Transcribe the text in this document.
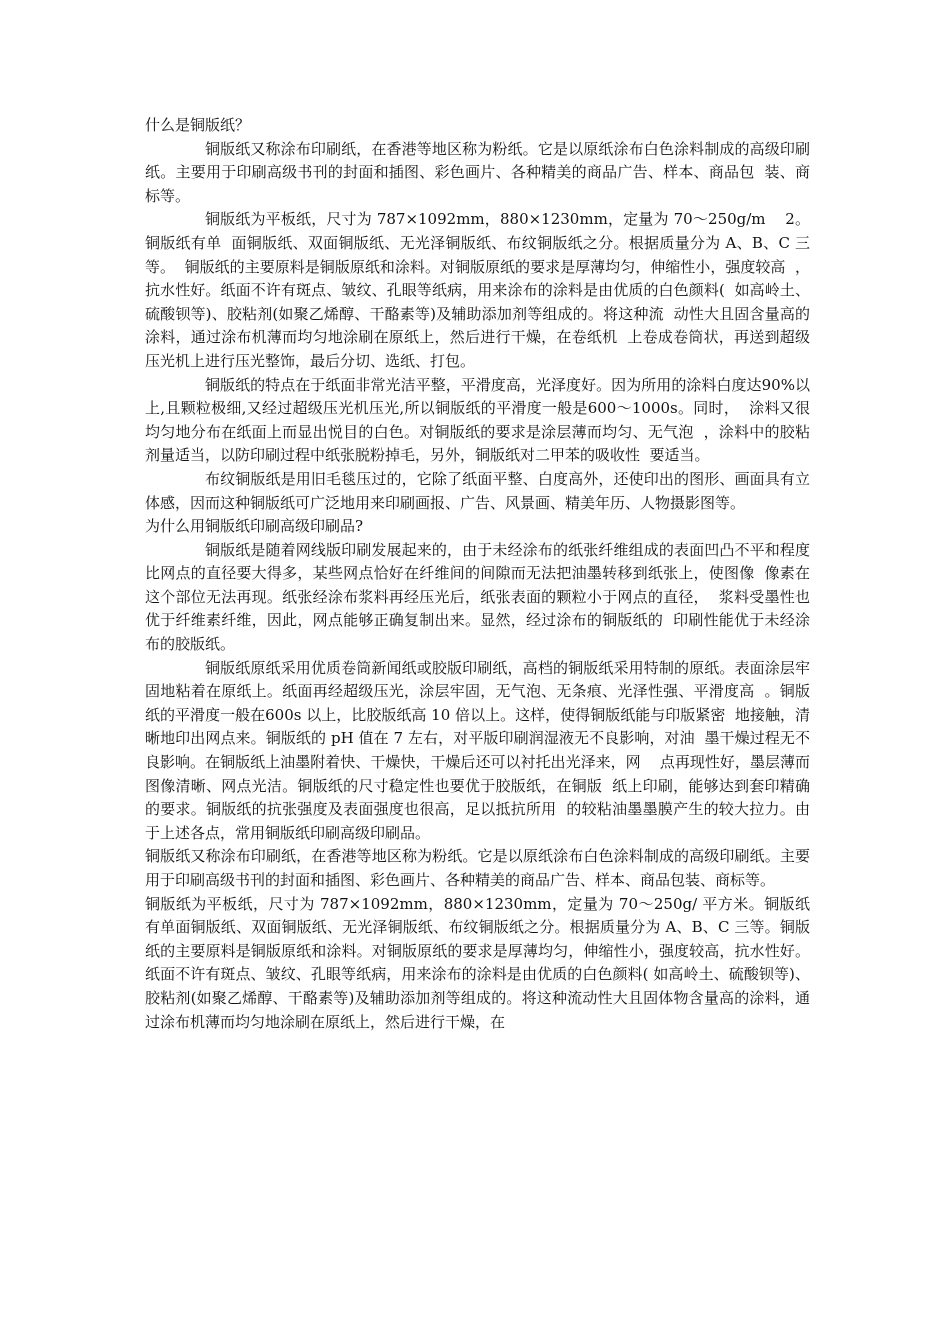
什么是铜版纸？

铜版纸又称涂布印刷纸，在香港等地区称为粉纸。它是以原纸涂布白色涂料制成的高级印刷  纸。主要用于印刷高级书刊的封面和插图、彩色画片、各种精美的商品广告、样本、商品包  装、商标等。

铜版纸为平板纸，尺寸为 787×1092mm，880×1230mm，定量为 70～250g/m    2。铜版纸有单  面铜版纸、双面铜版纸、无光泽铜版纸、布纹铜版纸之分。根据质量分为 A、B、C 三等。  铜版纸的主要原料是铜版原纸和涂料。对铜版原纸的要求是厚薄均匀，伸缩性小，强度较高  ，抗水性好。纸面不许有斑点、皱纹、孔眼等纸病，用来涂布的涂料是由优质的白色颜料(  如高岭土、硫酸钡等)、胶粘剂(如聚乙烯醇、干酪素等)及辅助添加剂等组成的。将这种流  动性大且固含量高的涂料，通过涂布机薄而均匀地涂刷在原纸上，然后进行干燥，在卷纸机  上卷成卷筒状，再送到超级压光机上进行压光整饰，最后分切、选纸、打包。

铜版纸的特点在于纸面非常光洁平整，平滑度高，光泽度好。因为所用的涂料白度达90%以  上,且颗粒极细,又经过超级压光机压光,所以铜版纸的平滑度一般是600～1000s。同时，  涂料又很均匀地分布在纸面上而显出悦目的白色。对铜版纸的要求是涂层薄而均匀、无气泡  ，涂料中的胶粘剂量适当，以防印刷过程中纸张脱粉掉毛，另外，铜版纸对二甲苯的吸收性  要适当。

布纹铜版纸是用旧毛毯压过的，它除了纸面平整、白度高外，还使印出的图形、画面具有立  体感，因而这种铜版纸可广泛地用来印刷画报、广告、风景画、精美年历、人物摄影图等。

为什么用铜版纸印刷高级印刷品?

铜版纸是随着网线版印刷发展起来的，由于未经涂布的纸张纤维组成的表面凹凸不平和程度  比网点的直径要大得多，某些网点恰好在纤维间的间隙而无法把油墨转移到纸张上，使图像  像素在这个部位无法再现。纸张经涂布浆料再经压光后，纸张表面的颗粒小于网点的直径，  浆料受墨性也优于纤维素纤维，因此，网点能够正确复制出来。显然，经过涂布的铜版纸的  印刷性能优于未经涂布的胶版纸。

铜版纸原纸采用优质卷筒新闻纸或胶版印刷纸，高档的铜版纸采用特制的原纸。表面涂层牢  固地粘着在原纸上。纸面再经超级压光，涂层牢固，无气泡、无条痕、光泽性强、平滑度高  。铜版纸的平滑度一般在600s 以上，比胶版纸高 10 倍以上。这样，使得铜版纸能与印版紧密  地接触，清晰地印出网点来。铜版纸的 pH 值在 7 左右，对平版印刷润湿液无不良影响，对油  墨干燥过程无不良影响。在铜版纸上油墨附着快、干燥快，干燥后还可以衬托出光泽来，网    点再现性好，墨层薄而图像清晰、网点光洁。铜版纸的尺寸稳定性也要优于胶版纸，在铜版  纸上印刷，能够达到套印精确的要求。铜版纸的抗张强度及表面强度也很高，足以抵抗所用  的较粘油墨墨膜产生的较大拉力。由于上述各点，常用铜版纸印刷高级印刷品。

铜版纸又称涂布印刷纸，在香港等地区称为粉纸。它是以原纸涂布白色涂料制成的高级印刷纸。主要用于印刷高级书刊的封面和插图、彩色画片、各种精美的商品广告、样本、商品包装、商标等。

铜版纸为平板纸，尺寸为 787×1092mm，880×1230mm，定量为 70～250g/ 平方米。铜版纸有单面铜版纸、双面铜版纸、无光泽铜版纸、布纹铜版纸之分。根据质量分为 A、B、C 三等。铜版纸的主要原料是铜版原纸和涂料。对铜版原纸的要求是厚薄均匀，伸缩性小，强度较高，抗水性好。纸面不许有斑点、皱纹、孔眼等纸病，用来涂布的涂料是由优质的白色颜料( 如高岭土、硫酸钡等)、胶粘剂(如聚乙烯醇、干酪素等)及辅助添加剂等组成的。将这种流动性大且固体物含量高的涂料，通过涂布机薄而均匀地涂刷在原纸上，然后进行干燥，在
